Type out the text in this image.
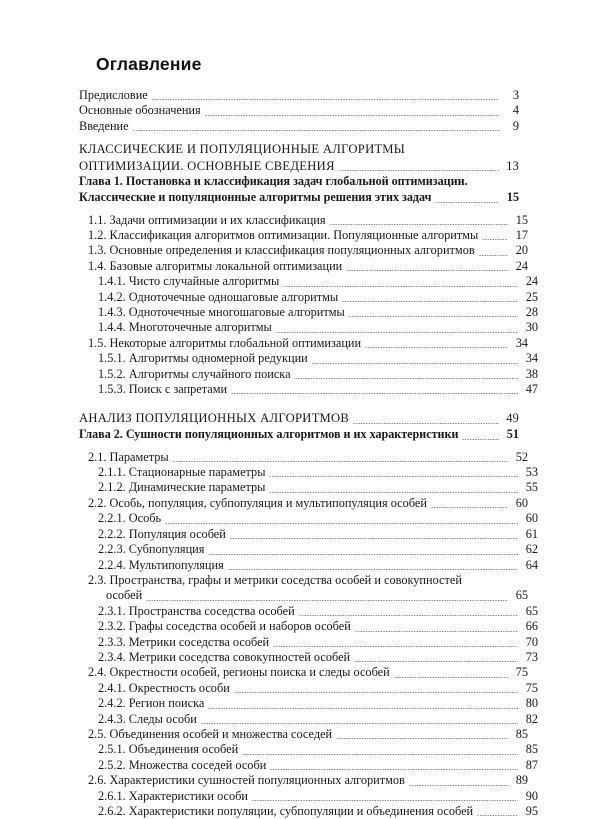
Оглавление
Предисловие	3
Основные обозначения	4
Введение	9
КЛАССИЧЕСКИЕ И ПОПУЛЯЦИОННЫЕ АЛГОРИТМЫ
ОПТИМИЗАЦИИ. ОСНОВНЫЕ СВЕДЕНИЯ	13
Глава 1. Постановка и классификация задач глобальной оптимизации.
Классические и популяционные алгоритмы решения этих задач	15
1.1. Задачи оптимизации и их классификация	15
1.2. Классификация алгоритмов оптимизации. Популяционные алгоритмы	17
1.3. Основные определения и классификация популяционных алгоритмов	20
1.4. Базовые алгоритмы локальной оптимизации	24
1.4.1. Чисто случайные алгоритмы	24
1.4.2. Одноточечные одношаговые алгоритмы	25
1.4.3. Одноточечные многошаговые алгоритмы	28
1.4.4. Многоточечные алгоритмы	30
1.5. Некоторые алгоритмы глобальной оптимизации	34
1.5.1. Алгоритмы одномерной редукции	34
1.5.2. Алгоритмы случайного поиска	38
1.5.3. Поиск с запретами	47
АНАЛИЗ ПОПУЛЯЦИОННЫХ АЛГОРИТМОВ	49
Глава 2. Сушности популяционных алгоритмов и их характеристики	51
2.1. Параметры	52
2.1.1. Стационарные параметры	53
2.1.2. Динамические параметры	55
2.2. Особь, популяция, субпопуляция и мультипопуляция особей	60
2.2.1. Особь	60
2.2.2. Популяция особей	61
2.2.3. Субпопуляция	62
2.2.4. Мультипопуляция	64
2.3. Пространства, графы и метрики соседства особей и совокупностей
особей	65
2.3.1. Пространства соседства особей	65
2.3.2. Графы соседства особей и наборов особей	66
2.3.3. Метрики соседства особей	70
2.3.4. Метрики соседства совокупностей особей	73
2.4. Окрестности особей, регионы поиска и следы особей	75
2.4.1. Окрестность особи	75
2.4.2. Регион поиска	80
2.4.3. Следы особи	82
2.5. Объединения особей и множества соседей	85
2.5.1. Объединения особей	85
2.5.2. Множества соседей особи	87
2.6. Характеристики сушностей популяционных алгоритмов	89
2.6.1. Характеристики особи	90
2.6.2. Характеристики популяции, субпопуляции и объединения особей	95
